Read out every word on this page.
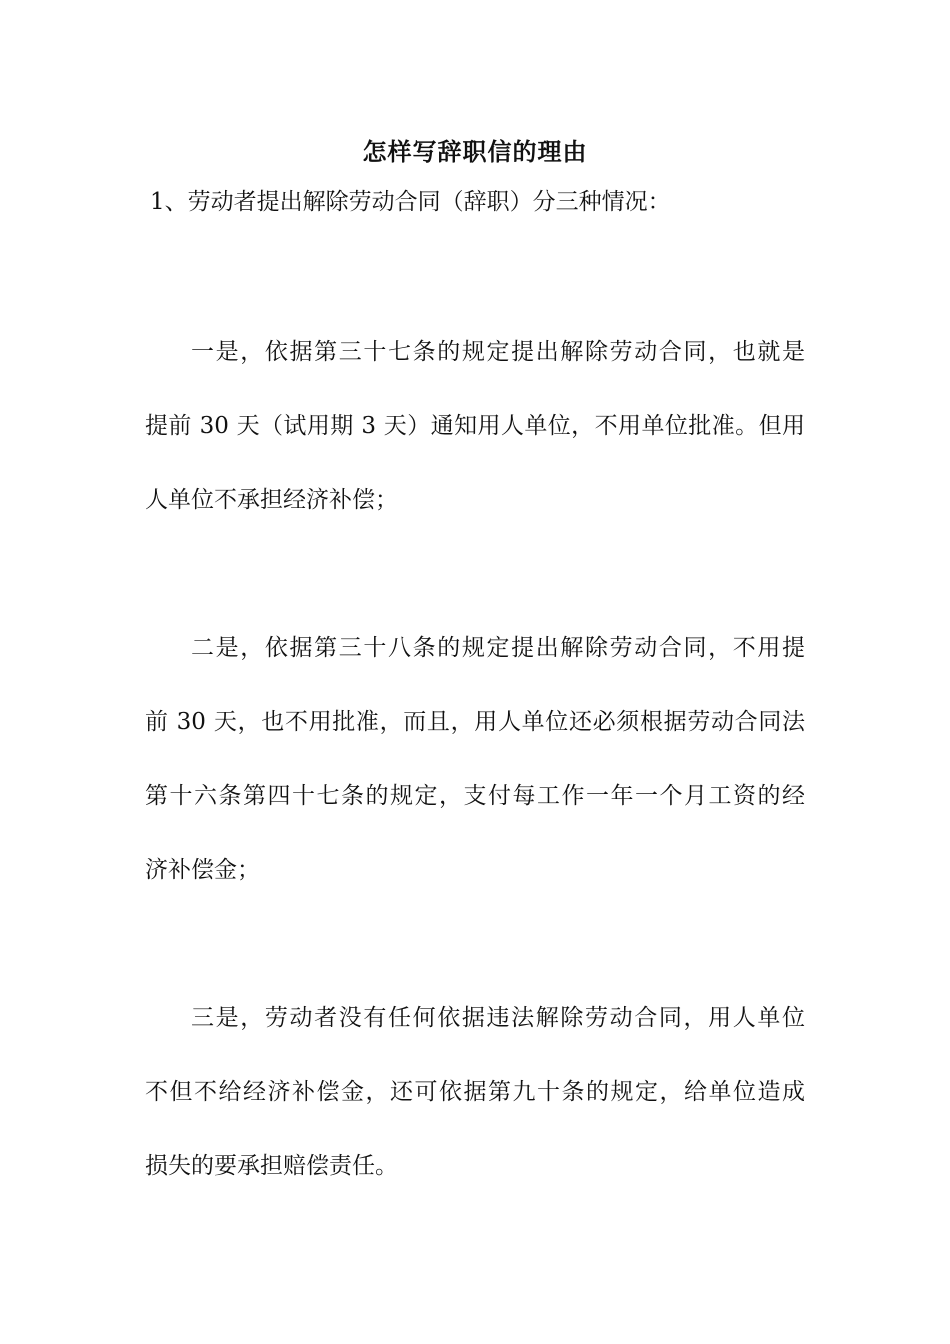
怎样写辞职信的理由
1、劳动者提出解除劳动合同（辞职）分三种情况：
一是，依据第三十七条的规定提出解除劳动合同，也就是
提前 30 天（试用期 3 天）通知用人单位，不用单位批准。但用
人单位不承担经济补偿；
二是，依据第三十八条的规定提出解除劳动合同，不用提
前 30 天，也不用批准，而且，用人单位还必须根据劳动合同法
第十六条第四十七条的规定，支付每工作一年一个月工资的经
济补偿金；
三是，劳动者没有任何依据违法解除劳动合同，用人单位
不但不给经济补偿金，还可依据第九十条的规定，给单位造成
损失的要承担赔偿责任。
